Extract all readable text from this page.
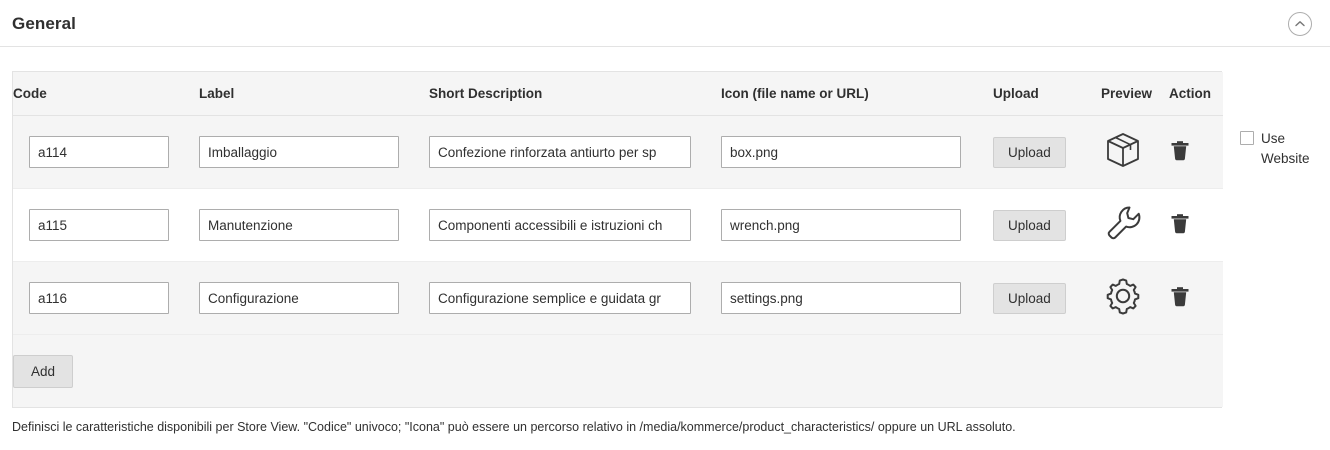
General
Use Website
Code	Label	Short Description	Icon (file name or URL)	Upload	Preview	Action
a114	Imballaggio	Confezione rinforzata antiurto per sp	box.png	Upload	

a115	Manutenzione	Componenti accessibili e istruzioni ch	wrench.png	Upload	

a116	Configurazione	Configurazione semplice e guidata gr	settings.png	Upload	

Add						
Definisci le caratteristiche disponibili per Store View. "Codice" univoco; "Icona" può essere un percorso relativo in /media/kommerce/product_characteristics/ oppure un URL assoluto.
